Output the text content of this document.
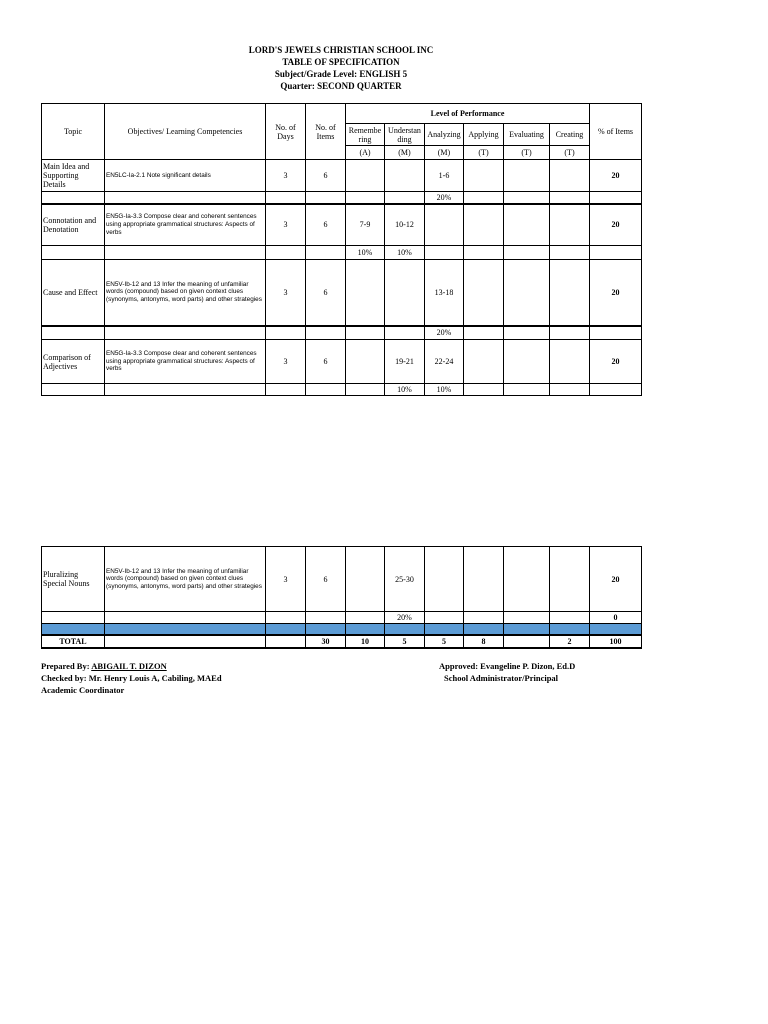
LORD'S JEWELS CHRISTIAN SCHOOL INC
TABLE OF SPECIFICATION
Subject/Grade Level: ENGLISH 5
Quarter: SECOND QUARTER
Topic	Objectives/ Learning Competencies	No. of Days	No. of Items	Level of Performance						% of Items
				Remembe ring	Understan ding	Analyzing	Applying	Evaluating	Creating	
				(A)	(M)	(M)	(T)	(T)	(T)	
Main Idea and Supporting Details	EN5LC-Ia-2.1 Note significant details	3	6			1-6				20
						20%				
Connotation and Denotation	EN5G-Ia-3.3 Compose clear and coherent sentences using appropriate grammatical structures: Aspects of verbs	3	6	7-9	10-12					20
				10%	10%					
Cause and Effect	EN5V-Ib-12 and 13 Infer the meaning of unfamiliar words (compound) based on given context clues (synonyms, antonyms, word parts) and other strategies	3	6			13-18				20
						20%				
Comparison of Adjectives	EN5G-Ia-3.3 Compose clear and coherent sentences using appropriate grammatical structures: Aspects of verbs	3	6		19-21	22-24				20
					10%	10%				
Pluralizing Special Nouns	EN5V-Ib-12 and 13 Infer the meaning of unfamiliar words (compound) based on given context clues (synonyms, antonyms, word parts) and other strategies	3	6		25-30					20
					20%					0

TOTAL			30	10	5	5	8		2	100
Prepared By: ABIGAIL T. DIZON
Checked by: Mr. Henry Louis A, Cabiling, MAEd
Academic Coordinator
Approved: Evangeline P. Dizon, Ed.D
School Administrator/Principal
